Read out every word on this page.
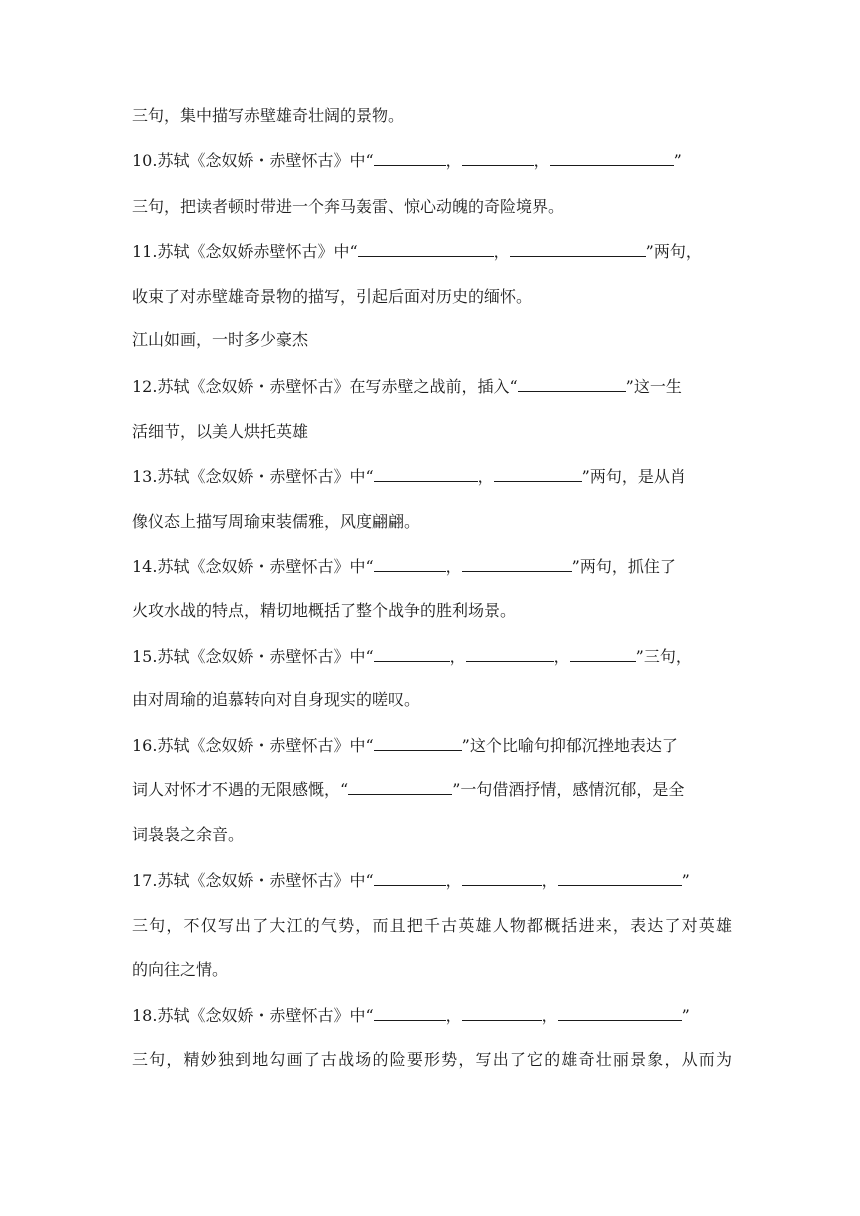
三句，集中描写赤壁雄奇壮阔的景物。
10.苏轼《念奴娇・赤壁怀古》中“	，	，	”
三句，把读者顿时带进一个奔马轰雷、惊心动魄的奇险境界。
11.苏轼《念奴娇赤壁怀古》中“	，	”两句，
收束了对赤壁雄奇景物的描写，引起后面对历史的缅怀。
江山如画，一时多少豪杰
12.苏轼《念奴娇・赤壁怀古》在写赤壁之战前，插入“	”这一生
活细节，以美人烘托英雄
13.苏轼《念奴娇・赤壁怀古》中“	，	”两句，是从肖
像仪态上描写周瑜束装儒雅，风度翩翩。
14.苏轼《念奴娇・赤壁怀古》中“	，	”两句，抓住了
火攻水战的特点，精切地概括了整个战争的胜利场景。
15.苏轼《念奴娇・赤壁怀古》中“	，	，	”三句，
由对周瑜的追慕转向对自身现实的嗟叹。
16.苏轼《念奴娇・赤壁怀古》中“	”这个比喻句抑郁沉挫地表达了
词人对怀才不遇的无限感慨，“	”一句借酒抒情，感情沉郁，是全
词袅袅之余音。
17.苏轼《念奴娇・赤壁怀古》中“	，	，	”
三句，不仅写出了大江的气势，而且把千古英雄人物都概括进来，表达了对英雄
的向往之情。
18.苏轼《念奴娇・赤壁怀古》中“	，	，	”
三句，精妙独到地勾画了古战场的险要形势，写出了它的雄奇壮丽景象，从而为
